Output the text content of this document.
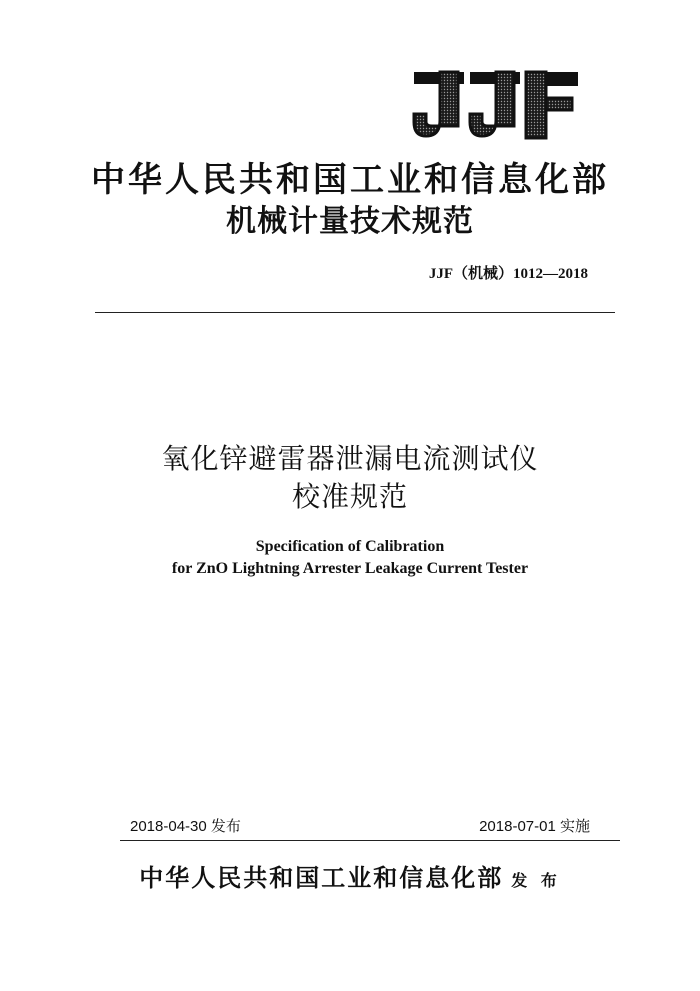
中华人民共和国工业和信息化部
机械计量技术规范
JJF（机械）1012—2018
氧化锌避雷器泄漏电流测试仪
校准规范
Specification of Calibration
for ZnO Lightning Arrester Leakage Current Tester
2018-04-30 发布	2018-07-01 实施
中华人民共和国工业和信息化部 发 布
